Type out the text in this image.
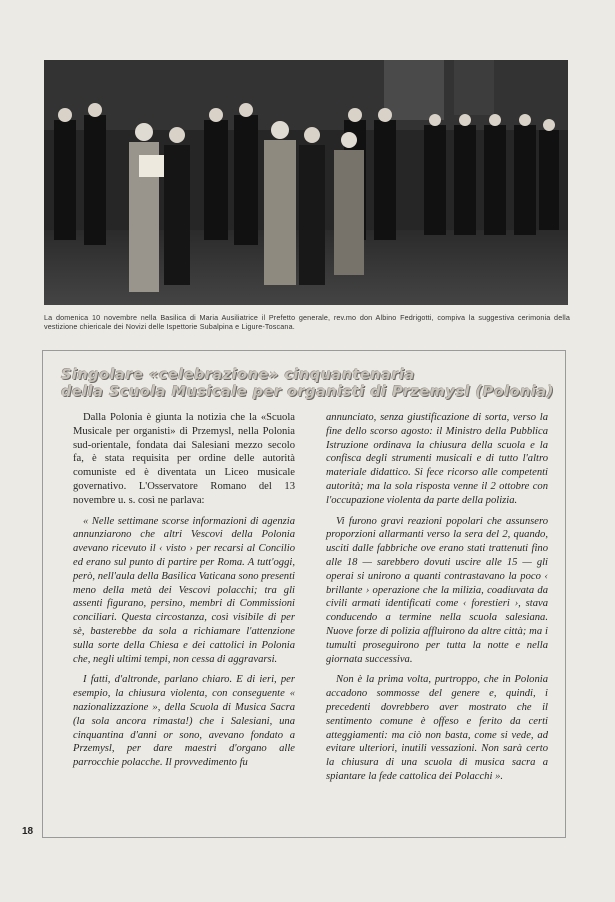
La domenica 10 novembre nella Basilica di Maria Ausiliatrice il Prefetto generale, rev.mo don Albino Fedrigotti, compiva la suggestiva cerimonia della vestizione chiericale dei Novizi delle Ispettorie Subalpina e Ligure-Toscana.
Singolare «celebrazione» cinquantenaria
della Scuola Musicale per organisti di Przemysl (Polonia)

Dalla Polonia è giunta la notizia che la «Scuola Musicale per organisti» di Przemysl, nella Polonia sud-orientale, fondata dai Salesiani mezzo secolo fa, è stata requisita per ordine delle autorità comuniste ed è diventata un Liceo musicale governativo. L'Osservatore Romano del 13 novembre u. s. così ne parlava:

« Nelle settimane scorse informazioni di agenzia annunziarono che altri Vescovi della Polonia avevano ricevuto il ‹ visto › per recarsi al Concilio ed erano sul punto di partire per Roma. A tutt'oggi, però, nell'aula della Basilica Vaticana sono presenti meno della metà dei Vescovi polacchi; tra gli assenti figurano, persino, membri di Commissioni conciliari. Questa circostanza, così visibile di per sè, basterebbe da sola a richiamare l'attenzione sulla sorte della Chiesa e dei cattolici in Polonia che, negli ultimi tempi, non cessa di aggravarsi.

I fatti, d'altronde, parlano chiaro. E di ieri, per esempio, la chiusura violenta, con conseguente « nazionalizzazione », della Scuola di Musica Sacra (la sola ancora rimasta!) che i Salesiani, una cinquantina d'anni or sono, avevano fondato a Przemysl, per dare maestri d'organo alle parrocchie polacche. Il provvedimento fu

annunciato, senza giustificazione di sorta, verso la fine dello scorso agosto: il Ministro della Pubblica Istruzione ordinava la chiusura della scuola e la confisca degli strumenti musicali e di tutto l'altro materiale didattico. Si fece ricorso alle competenti autorità; ma la sola risposta venne il 2 ottobre con l'occupazione violenta da parte della polizia.

Vi furono gravi reazioni popolari che assunsero proporzioni allarmanti verso la sera del 2, quando, usciti dalle fabbriche ove erano stati trattenuti fino alle 18 — sarebbero dovuti uscire alle 15 — gli operai si unirono a quanti contrastavano la poco ‹ brillante › operazione che la milizia, coadiuvata da civili armati identificati come ‹ forestieri ›, stava conducendo a termine nella scuola salesiana. Nuove forze di polizia affluirono da altre città; ma i tumulti proseguirono per tutta la notte e nella giornata successiva.

Non è la prima volta, purtroppo, che in Polonia accadono sommosse del genere e, quindi, i precedenti dovrebbero aver mostrato che il sentimento comune è offeso e ferito da certi atteggiamenti: ma ciò non basta, come si vede, ad evitare ulteriori, inutili vessazioni. Non sarà certo la chiusura di una scuola di musica sacra a spiantare la fede cattolica dei Polacchi ».

18
